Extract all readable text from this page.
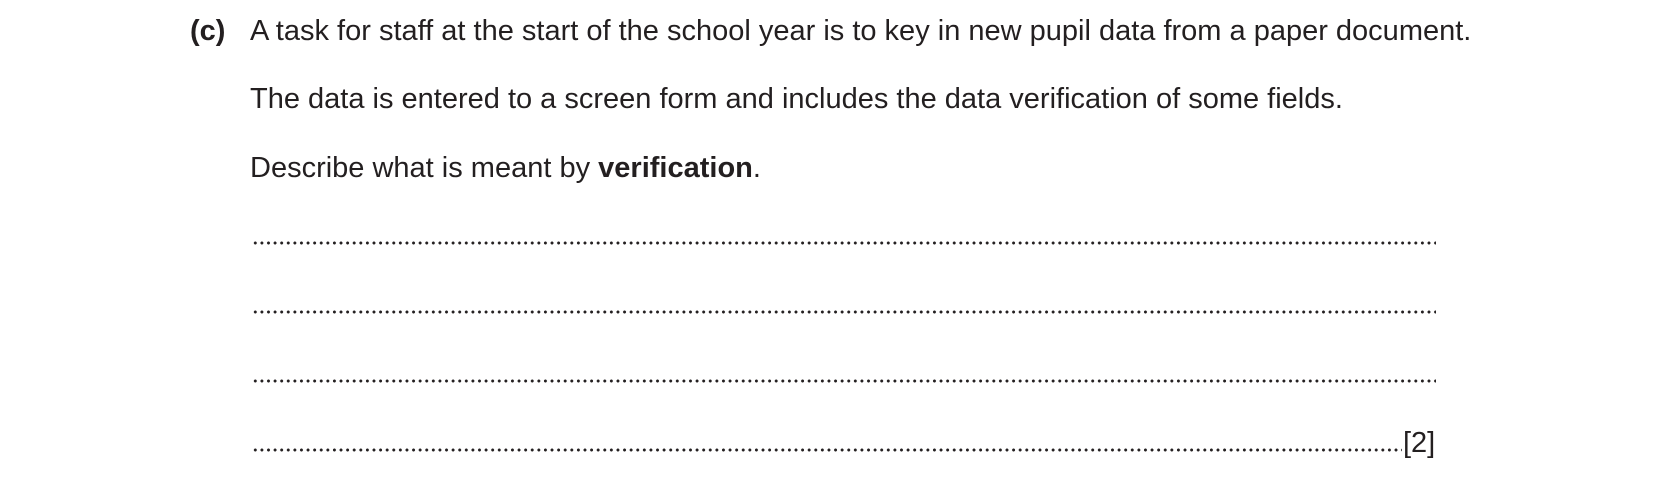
(c) A task for staff at the start of the school year is to key in new pupil data from a paper document.
The data is entered to a screen form and includes the data verification of some fields.
Describe what is meant by verification.
[2]
